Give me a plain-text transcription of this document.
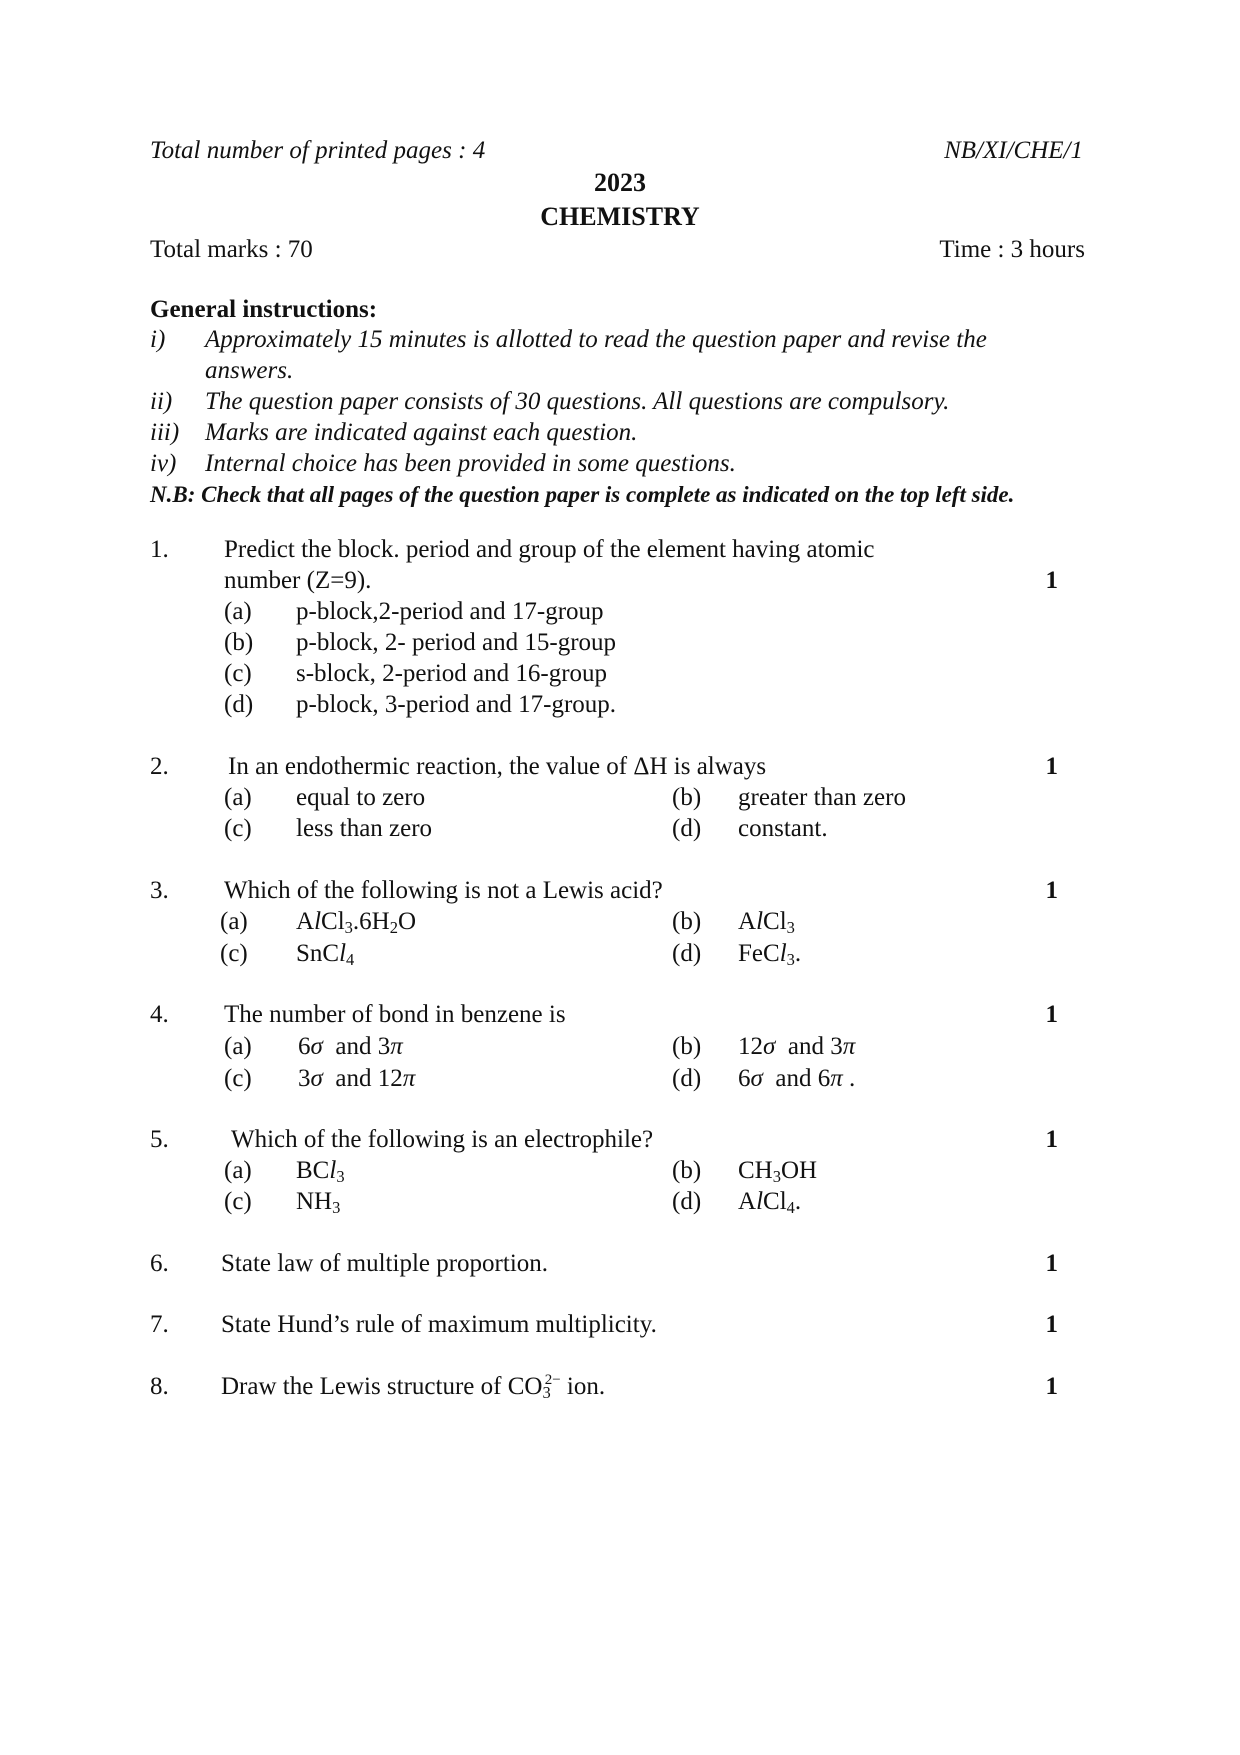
Total number of printed pages : 4	NB/XI/CHE/1
2023
CHEMISTRY
Total marks : 70	Time : 3 hours
General instructions:
i) Approximately 15 minutes is allotted to read the question paper and revise the
answers.
ii) The question paper consists of 30 questions. All questions are compulsory.
iii) Marks are indicated against each question.
iv) Internal choice has been provided in some questions.
N.B: Check that all pages of the question paper is complete as indicated on the top left side.
1. Predict the block. period and group of the element having atomic
number (Z=9).	1
(a) p-block,2-period and 17-group
(b) p-block, 2- period and 15-group
(c) s-block, 2-period and 16-group
(d) p-block, 3-period and 17-group.
2. In an endothermic reaction, the value of ΔH is always	1
(a) equal to zero	(b) greater than zero
(c) less than zero	(d) constant.
3. Which of the following is not a Lewis acid?	1
(a) $AlCl_3.6H_2O$	(b) AlCl$_3$
(c) SnCl$_4$	(d) FeCl$_3$.
4. The number of bond in benzene is	1
(a) 6σ and 3π	(b) 12σ and 3π
(c) 3σ and 12π	(d) 6σ and 6π .
5. Which of the following is an electrophile?	1
(a) BCl$_3$	(b) $CH_3OH$
(c) $NH_3$	(d) AlCl$_4$.
6. State law of multiple proportion.	1
7. State Hund’s rule of maximum multiplicity.	1
8. Draw the Lewis structure of $CO_3^{2-}$ ion.	1
